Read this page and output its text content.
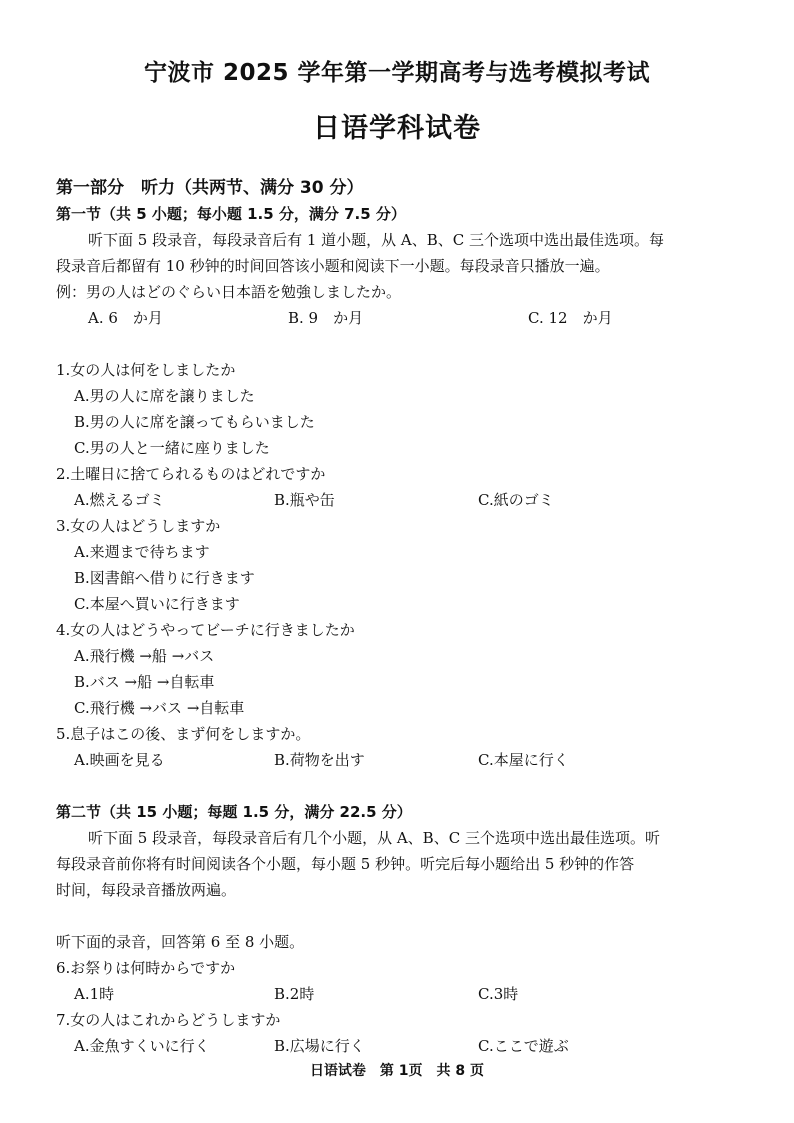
宁波市 2025 学年第一学期高考与选考模拟考试
日语学科试卷
第一部分　听力（共两节、满分 30 分）
第一节（共 5 小题；每小题 1.5 分，满分 7.5 分）
听下面 5 段录音，每段录音后有 1 道小题，从 A、B、C 三个选项中选出最佳选项。每
段录音后都留有 10 秒钟的时间回答该小题和阅读下一小题。每段录音只播放一遍。
例：男の人はどのぐらい日本語を勉強しましたか。
A. 6　か月	B. 9　か月	C. 12　か月
1.女の人は何をしましたか
A.男の人に席を譲りました
B.男の人に席を譲ってもらいました
C.男の人と一緒に座りました
2.土曜日に捨てられるものはどれですか
A.燃えるゴミ	B.瓶や缶	C.紙のゴミ
3.女の人はどうしますか
A.来週まで待ちます
B.図書館へ借りに行きます
C.本屋へ買いに行きます
4.女の人はどうやってビーチに行きましたか
A.飛行機 →船 →バス
B.バス →船 →自転車
C.飛行機 →バス →自転車
5.息子はこの後、まず何をしますか。
A.映画を見る	B.荷物を出す	C.本屋に行く
第二节（共 15 小题；每题 1.5 分，满分 22.5 分）
听下面 5 段录音，每段录音后有几个小题，从 A、B、C 三个选项中选出最佳选项。听
每段录音前你将有时间阅读各个小题，每小题 5 秒钟。听完后每小题给出 5 秒钟的作答
时间，每段录音播放两遍。
听下面的录音，回答第 6 至 8 小题。
6.お祭りは何時からですか
A.1時	B.2時	C.3時
7.女の人はこれからどうしますか
A.金魚すくいに行く	B.広場に行く	C.ここで遊ぶ
日语试卷　第 1页　共 8 页
